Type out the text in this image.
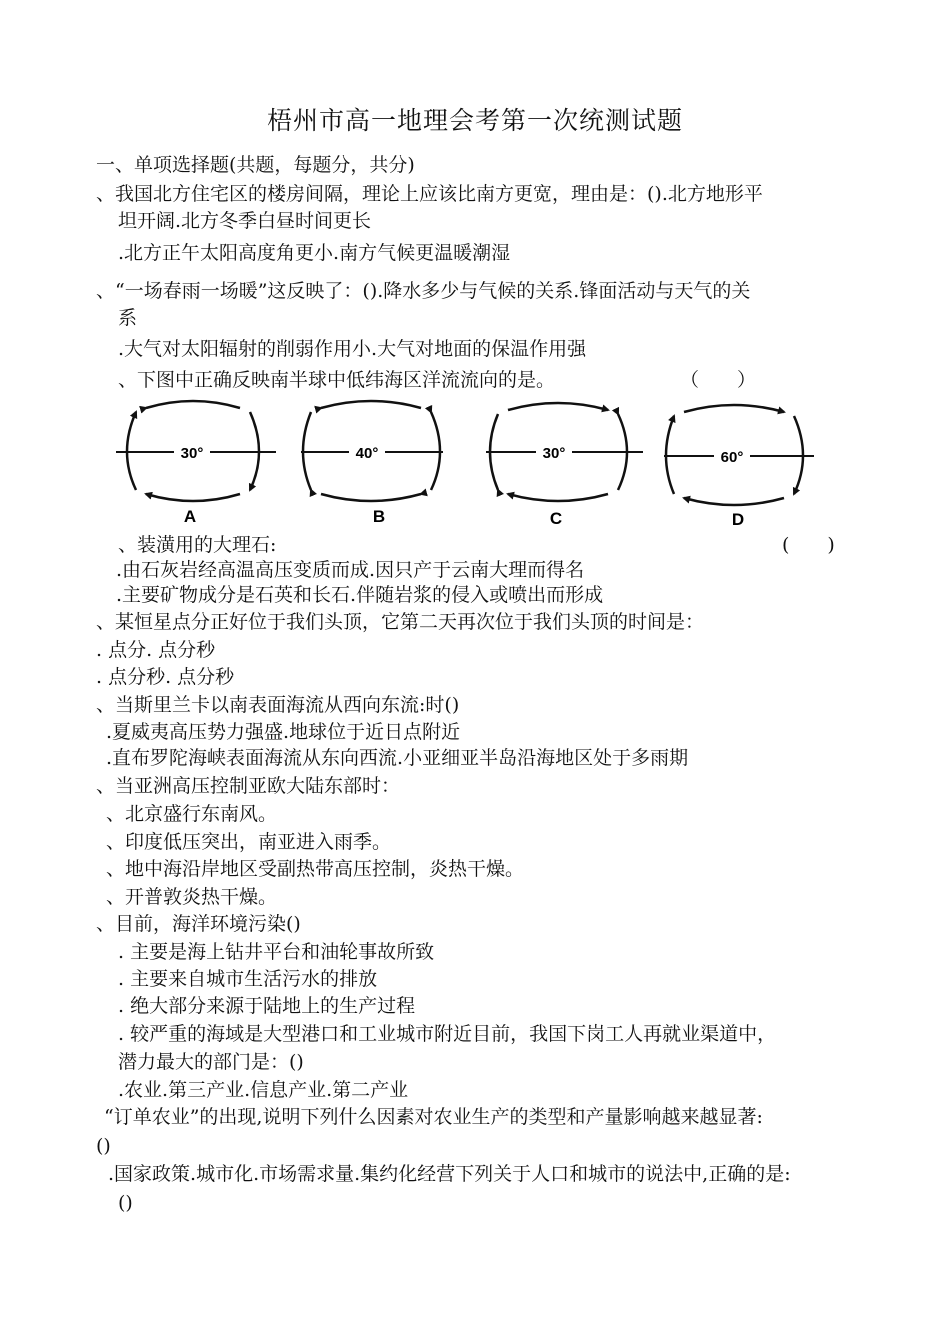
梧州市高一地理会考第一次统测试题
一、单项选择题(共题，每题分，共分)
、我国北方住宅区的楼房间隔，理论上应该比南方更宽，理由是：().北方地形平
坦开阔.北方冬季白昼时间更长
.北方正午太阳高度角更小.南方气候更温暖潮湿
、“一场春雨一场暖”这反映了：().降水多少与气候的关系.锋面活动与天气的关
系
.大气对太阳辐射的削弱作用小.大气对地面的保温作用强
、下图中正确反映南半球中低纬海区洋流流向的是。	（　　）
30°
A
40°
B
30°
C
60°
D
、装潢用的大理石:	(　　)
.由石灰岩经高温高压变质而成.因只产于云南大理而得名
.主要矿物成分是石英和长石.伴随岩浆的侵入或喷出而形成
、某恒星点分正好位于我们头顶，它第二天再次位于我们头顶的时间是：
. 点分. 点分秒
. 点分秒. 点分秒
、当斯里兰卡以南表面海流从西向东流:时()
.夏威夷高压势力强盛.地球位于近日点附近
.直布罗陀海峡表面海流从东向西流.小亚细亚半岛沿海地区处于多雨期
、当亚洲高压控制亚欧大陆东部时：
、北京盛行东南风。
、印度低压突出，南亚进入雨季。
、地中海沿岸地区受副热带高压控制，炎热干燥。
、开普敦炎热干燥。
、目前，海洋环境污染()
. 主要是海上钻井平台和油轮事故所致
. 主要来自城市生活污水的排放
. 绝大部分来源于陆地上的生产过程
. 较严重的海域是大型港口和工业城市附近目前，我国下岗工人再就业渠道中，
潜力最大的部门是：()
.农业.第三产业.信息产业.第二产业
“订单农业”的出现,说明下列什么因素对农业生产的类型和产量影响越来越显著:
()
.国家政策.城市化.市场需求量.集约化经营下列关于人口和城市的说法中,正确的是:
()
